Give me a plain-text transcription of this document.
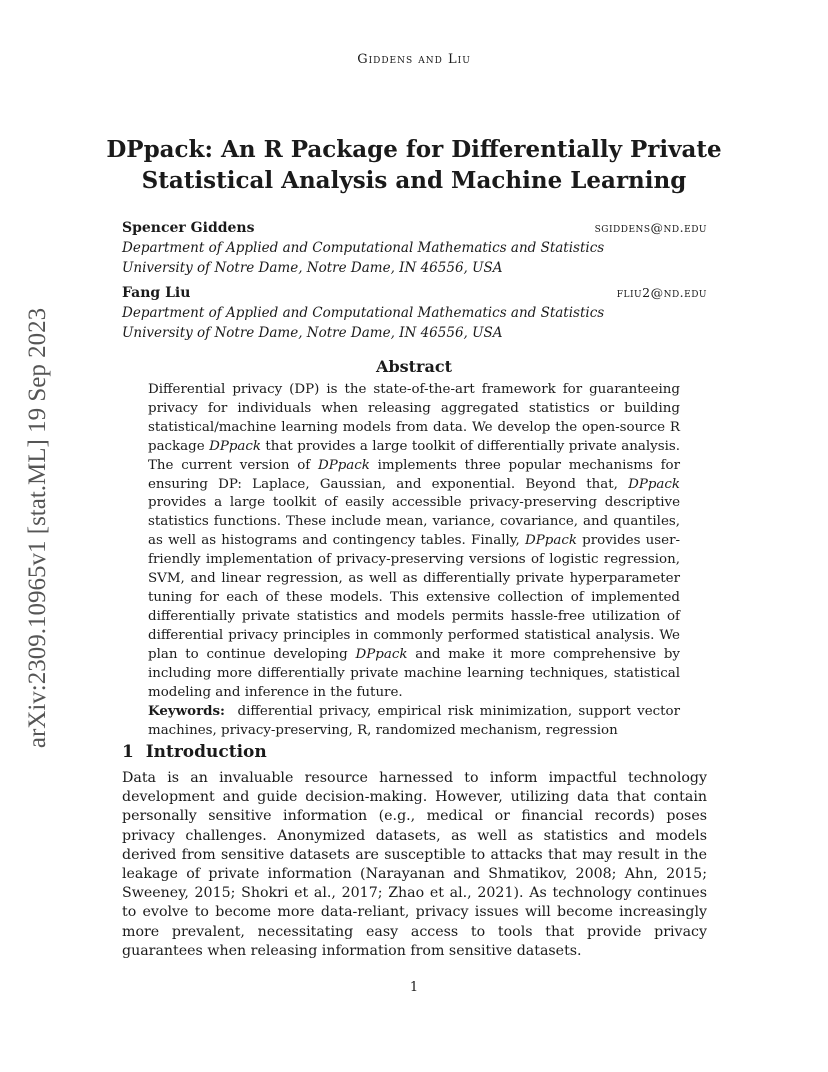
Giddens and Liu
DPpack: An R Package for Differentially Private Statistical Analysis and Machine Learning
Spencer Giddens	sgiddens@nd.edu
Department of Applied and Computational Mathematics and Statistics
University of Notre Dame, Notre Dame, IN 46556, USA
Fang Liu	fliu2@nd.edu
Department of Applied and Computational Mathematics and Statistics
University of Notre Dame, Notre Dame, IN 46556, USA
Abstract

Differential privacy (DP) is the state-of-the-art framework for guaranteeing privacy for individuals when releasing aggregated statistics or building statistical/machine learning models from data. We develop the open-source R package DPpack that provides a large toolkit of differentially private analysis. The current version of DPpack implements three popular mechanisms for ensuring DP: Laplace, Gaussian, and exponential. Beyond that, DPpack provides a large toolkit of easily accessible privacy-preserving descriptive statistics functions. These include mean, variance, covariance, and quantiles, as well as histograms and contingency tables. Finally, DPpack provides user-friendly implementation of privacy-preserving versions of logistic regression, SVM, and linear regression, as well as differentially private hyperparameter tuning for each of these models. This extensive collection of implemented differentially private statistics and models permits hassle-free utilization of differential privacy principles in commonly performed statistical analysis. We plan to continue developing DPpack and make it more comprehensive by including more differentially private machine learning techniques, statistical modeling and inference in the future.
Keywords: differential privacy, empirical risk minimization, support vector machines, privacy-preserving, R, randomized mechanism, regression

1 Introduction

Data is an invaluable resource harnessed to inform impactful technology development and guide decision-making. However, utilizing data that contain personally sensitive information (e.g., medical or financial records) poses privacy challenges. Anonymized datasets, as well as statistics and models derived from sensitive datasets are susceptible to attacks that may result in the leakage of private information (Narayanan and Shmatikov, 2008; Ahn, 2015; Sweeney, 2015; Shokri et al., 2017; Zhao et al., 2021). As technology continues to evolve to become more data-reliant, privacy issues will become increasingly more prevalent, necessitating easy access to tools that provide privacy guarantees when releasing information from sensitive datasets.

1
arXiv:2309.10965v1 [stat.ML] 19 Sep 2023
